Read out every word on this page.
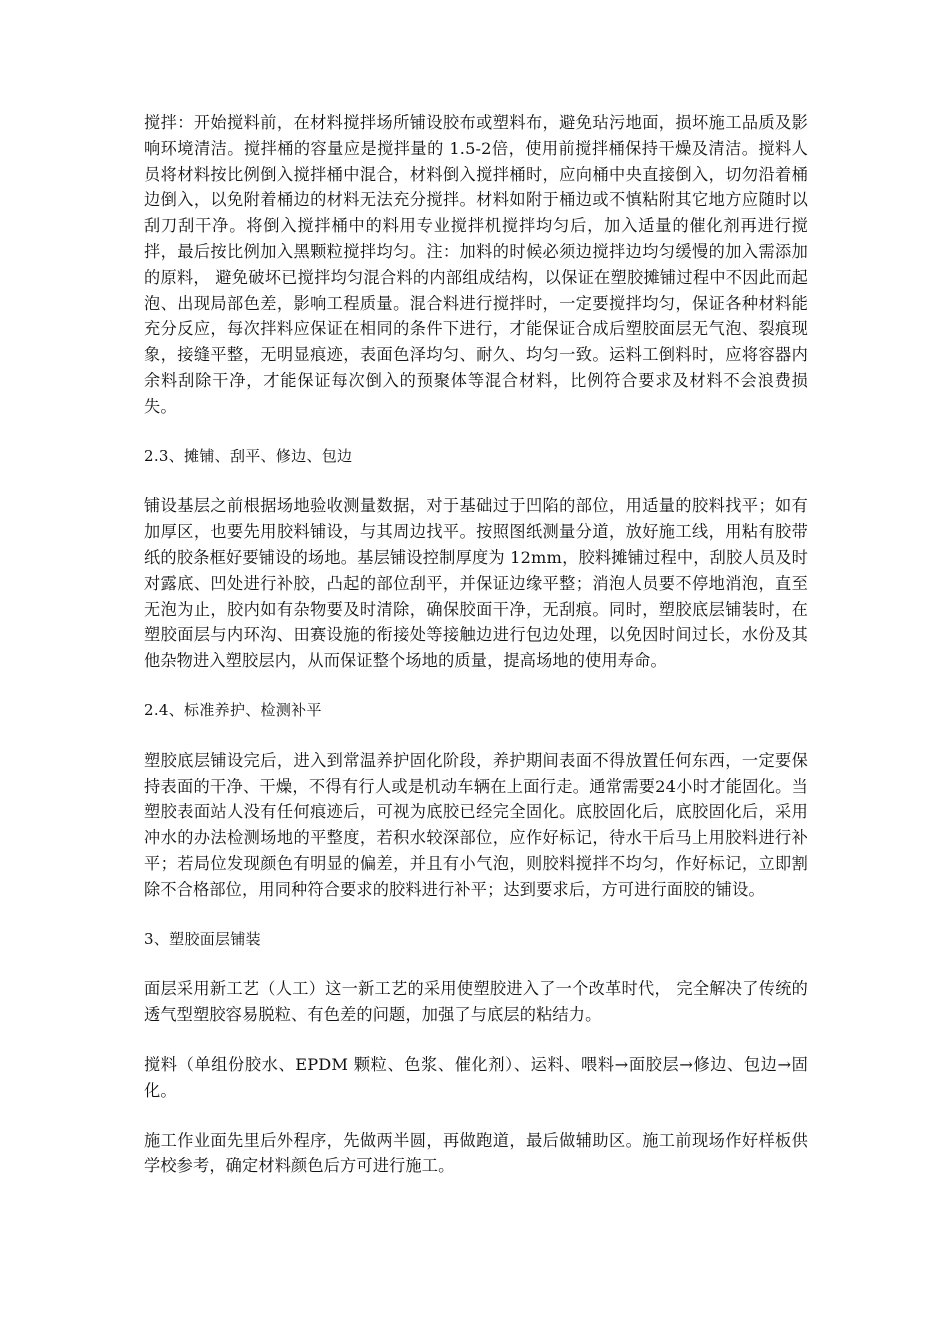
搅拌：开始搅料前，在材料搅拌场所铺设胶布或塑料布，避免玷污地面，损坏施工品质及影响环境清洁。搅拌桶的容量应是搅拌量的 1.5-2倍，使用前搅拌桶保持干燥及清洁。搅料人员将材料按比例倒入搅拌桶中混合，材料倒入搅拌桶时，应向桶中央直接倒入，切勿沿着桶边倒入，以免附着桶边的材料无法充分搅拌。材料如附于桶边或不慎粘附其它地方应随时以刮刀刮干净。将倒入搅拌桶中的料用专业搅拌机搅拌均匀后，加入适量的催化剂再进行搅拌，最后按比例加入黑颗粒搅拌均匀。注：加料的时候必须边搅拌边均匀缓慢的加入需添加的原料， 避免破坏已搅拌均匀混合料的内部组成结构，以保证在塑胶摊铺过程中不因此而起泡、出现局部色差，影响工程质量。混合料进行搅拌时，一定要搅拌均匀，保证各种材料能充分反应，每次拌料应保证在相同的条件下进行，才能保证合成后塑胶面层无气泡、裂痕现象，接缝平整，无明显痕迹，表面色泽均匀、耐久、均匀一致。运料工倒料时，应将容器内余料刮除干净，才能保证每次倒入的预聚体等混合材料，比例符合要求及材料不会浪费损失。

2.3、摊铺、刮平、修边、包边

铺设基层之前根据场地验收测量数据，对于基础过于凹陷的部位，用适量的胶料找平；如有加厚区，也要先用胶料铺设，与其周边找平。按照图纸测量分道，放好施工线，用粘有胶带纸的胶条框好要铺设的场地。基层铺设控制厚度为 12mm，胶料摊铺过程中，刮胶人员及时对露底、凹处进行补胶，凸起的部位刮平，并保证边缘平整；消泡人员要不停地消泡，直至无泡为止，胶内如有杂物要及时清除，确保胶面干净，无刮痕。同时，塑胶底层铺装时，在塑胶面层与内环沟、田赛设施的衔接处等接触边进行包边处理，以免因时间过长，水份及其他杂物进入塑胶层内，从而保证整个场地的质量，提高场地的使用寿命。

2.4、标准养护、检测补平

塑胶底层铺设完后，进入到常温养护固化阶段，养护期间表面不得放置任何东西，一定要保持表面的干净、干燥，不得有行人或是机动车辆在上面行走。通常需要24小时才能固化。当塑胶表面站人没有任何痕迹后，可视为底胶已经完全固化。底胶固化后，底胶固化后，采用冲水的办法检测场地的平整度，若积水较深部位，应作好标记，待水干后马上用胶料进行补平；若局位发现颜色有明显的偏差，并且有小气泡，则胶料搅拌不均匀，作好标记，立即割除不合格部位，用同种符合要求的胶料进行补平；达到要求后，方可进行面胶的铺设。

3、塑胶面层铺装

面层采用新工艺（人工）这一新工艺的采用使塑胶进入了一个改革时代， 完全解决了传统的透气型塑胶容易脱粒、有色差的问题，加强了与底层的粘结力。

搅料（单组份胶水、EPDM 颗粒、色浆、催化剂）、运料、喂料→面胶层→修边、包边→固化。

施工作业面先里后外程序，先做两半圆，再做跑道，最后做辅助区。施工前现场作好样板供学校参考，确定材料颜色后方可进行施工。
